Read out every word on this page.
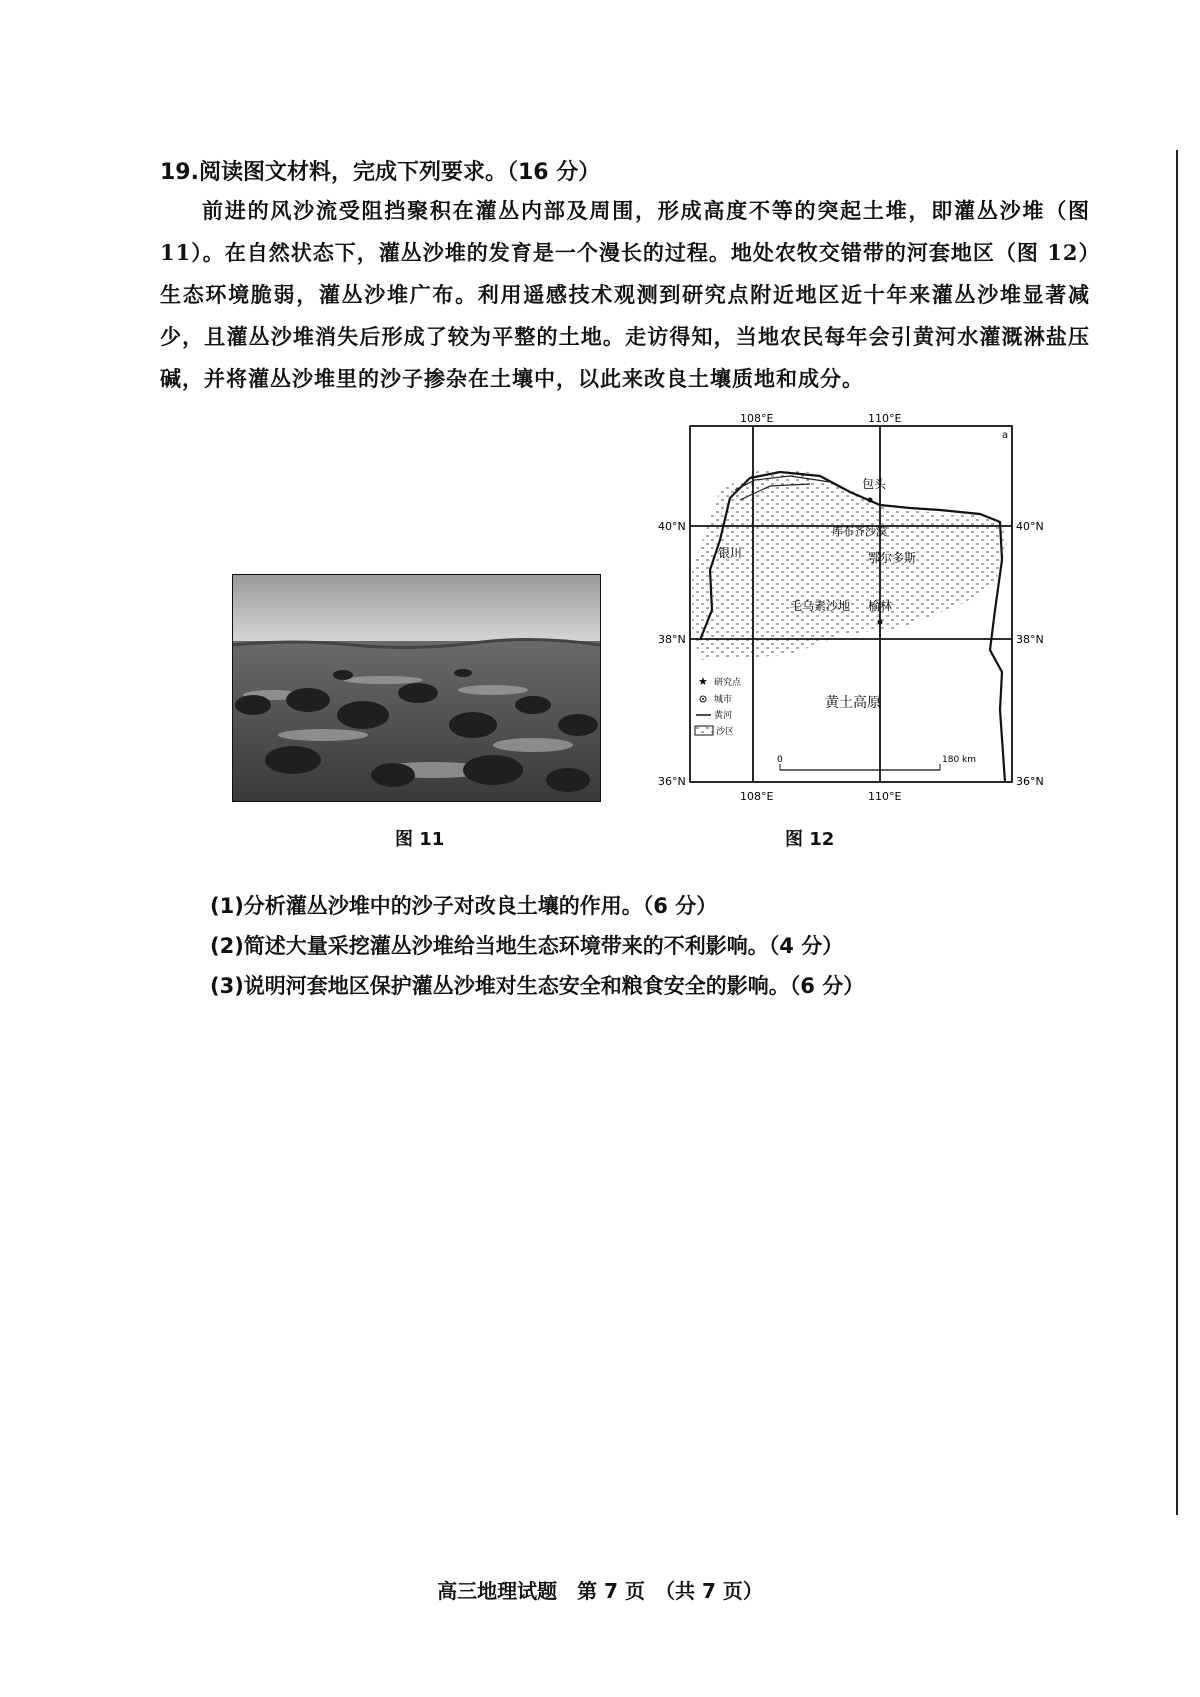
19.阅读图文材料，完成下列要求。（16 分）
前进的风沙流受阻挡聚积在灌丛内部及周围，形成高度不等的突起土堆，即灌丛沙堆（图 11）。在自然状态下，灌丛沙堆的发育是一个漫长的过程。地处农牧交错带的河套地区（图 12）生态环境脆弱，灌丛沙堆广布。利用遥感技术观测到研究点附近地区近十年来灌丛沙堆显著减少，且灌丛沙堆消失后形成了较为平整的土地。走访得知，当地农民每年会引黄河水灌溉淋盐压碱，并将灌丛沙堆里的沙子掺杂在土壤中，以此来改良土壤质地和成分。
图 11
108°E	110°E
108°E	110°E
40°N
38°N
36°N
40°N
38°N
36°N
a
包头
库布齐沙漠
银川	鄂尔多斯
毛乌素沙地 榆林
黄土高原
★ 研究点
城市
黄河
沙区
0	180 km
图 12
(1)分析灌丛沙堆中的沙子对改良土壤的作用。（6 分）
(2)简述大量采挖灌丛沙堆给当地生态环境带来的不利影响。（4 分）
(3)说明河套地区保护灌丛沙堆对生态安全和粮食安全的影响。（6 分）
高三地理试题　第 7 页　（共 7 页）
